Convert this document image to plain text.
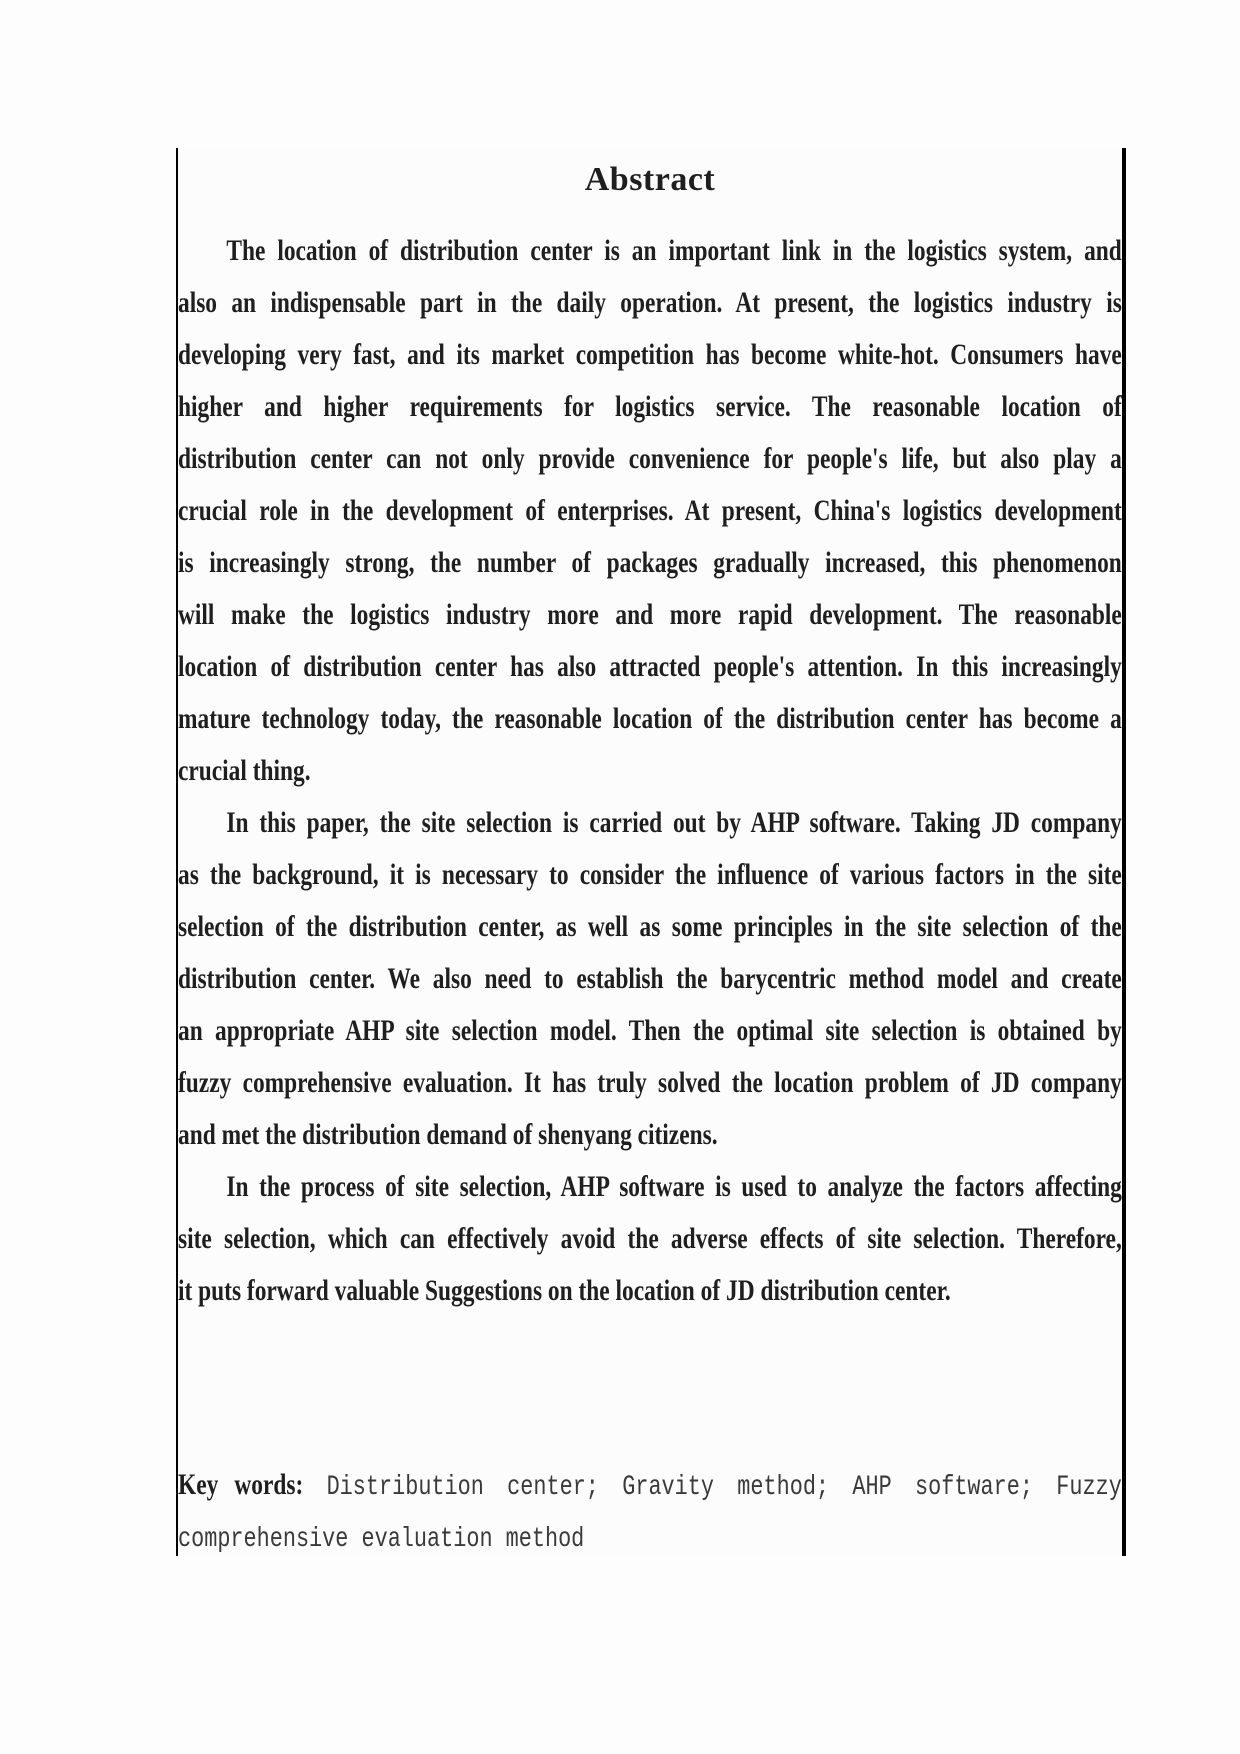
Abstract
The location of distribution center is an important link in the logistics system, and
also an indispensable part in the daily operation. At present, the logistics industry is
developing very fast, and its market competition has become white-hot. Consumers have
higher and higher requirements for logistics service. The reasonable location of
distribution center can not only provide convenience for people's life, but also play a
crucial role in the development of enterprises. At present, China's logistics development
is increasingly strong, the number of packages gradually increased, this phenomenon
will make the logistics industry more and more rapid development. The reasonable
location of distribution center has also attracted people's attention. In this increasingly
mature technology today, the reasonable location of the distribution center has become a
crucial thing.
In this paper, the site selection is carried out by AHP software. Taking JD company
as the background, it is necessary to consider the influence of various factors in the site
selection of the distribution center, as well as some principles in the site selection of the
distribution center. We also need to establish the barycentric method model and create
an appropriate AHP site selection model. Then the optimal site selection is obtained by
fuzzy comprehensive evaluation. It has truly solved the location problem of JD company
and met the distribution demand of shenyang citizens.
In the process of site selection, AHP software is used to analyze the factors affecting
site selection, which can effectively avoid the adverse effects of site selection. Therefore,
it puts forward valuable Suggestions on the location of JD distribution center.
Key words: Distribution center; Gravity method; AHP software; Fuzzy
comprehensive evaluation method
